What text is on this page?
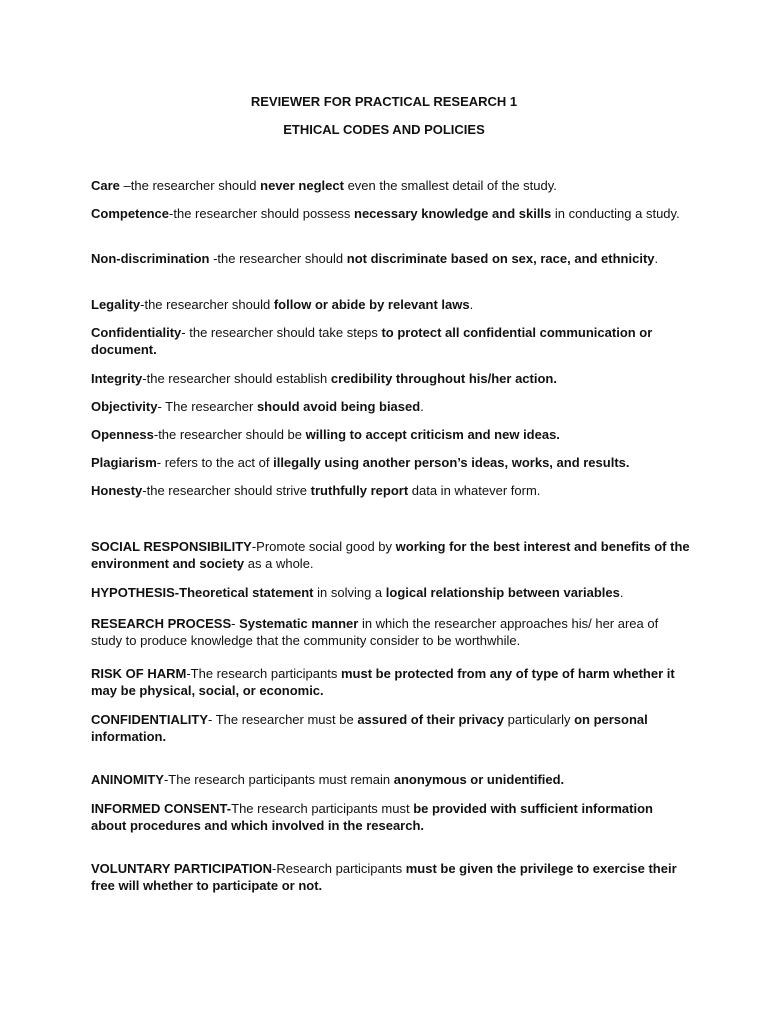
REVIEWER FOR PRACTICAL RESEARCH 1
ETHICAL CODES AND POLICIES

Care –the researcher should never neglect even the smallest detail of the study.

Competence-the researcher should possess necessary knowledge and skills in conducting a study.

Non-discrimination -the researcher should not discriminate based on sex, race, and ethnicity.

Legality-the researcher should follow or abide by relevant laws.

Confidentiality- the researcher should take steps to protect all confidential communication or document.

Integrity-the researcher should establish credibility throughout his/her action.

Objectivity- The researcher should avoid being biased.

Openness-the researcher should be willing to accept criticism and new ideas.

Plagiarism- refers to the act of illegally using another person’s ideas, works, and results.

Honesty-the researcher should strive truthfully report data in whatever form.

SOCIAL RESPONSIBILITY-Promote social good by working for the best interest and benefits of the environment and society as a whole.

HYPOTHESIS-Theoretical statement in solving a logical relationship between variables.

RESEARCH PROCESS- Systematic manner in which the researcher approaches his/ her area of study to produce knowledge that the community consider to be worthwhile.

RISK OF HARM-The research participants must be protected from any of type of harm whether it may be physical, social, or economic.

CONFIDENTIALITY- The researcher must be assured of their privacy particularly on personal information.

ANINOMITY-The research participants must remain anonymous or unidentified.

INFORMED CONSENT-The research participants must be provided with sufficient information about procedures and which involved in the research.

VOLUNTARY PARTICIPATION-Research participants must be given the privilege to exercise their free will whether to participate or not.
